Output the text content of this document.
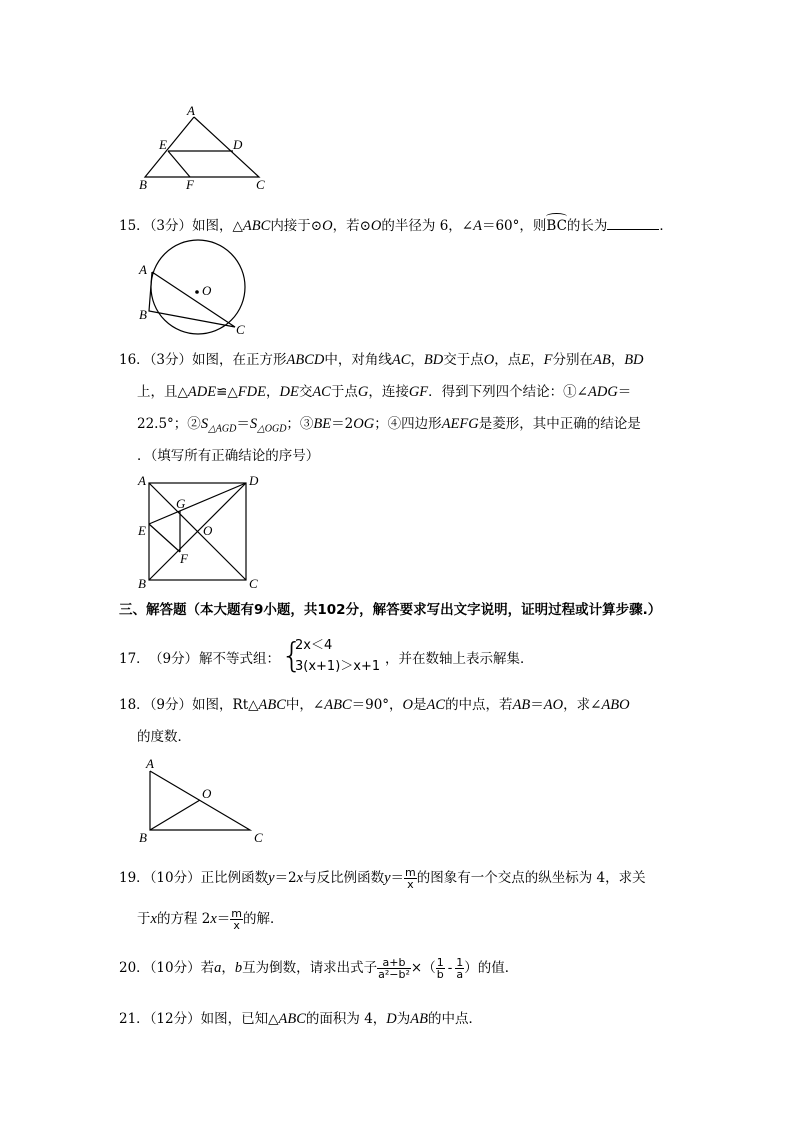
A
E	D
B	F	C
15．（3分）如图，△ABC内接于⊙O，若⊙O的半径为 6，∠A＝60°，则BC的长为	．
A
O
B
C
16．（3分）如图，在正方形ABCD中，对角线AC，BD交于点O，点E，F分别在AB，BD
上，且△ADE≌△FDE，DE交AC于点G，连接GF．得到下列四个结论：①∠ADG＝
22.5°；$②S_{\triangle AGD}=S_{\triangle OGD}$；③BE＝2OG；④四边形AEFG是菱形，其中正确的结论是
．（填写所有正确结论的序号）
A	D
G
E	O
F
B	C
三、解答题（本大题有9小题，共102分，解答要求写出文字说明，证明过程或计算步骤.）
17． （9分） 解不等式组： {
2x＜4
3(x+1)＞x+1 ，并在数轴上表示解集．
18．（9分）如图，Rt△ABC中，∠ABC＝90°，O是AC的中点，若AB＝AO，求∠ABO
的度数．
A
O
B	C
19．（10分）正比例函数y＝2x与反比例函数$y= \frac{m}{x}$ 的图象有一个交点的纵坐标为 4，求关
于x的方程 $2x= \frac{m}{x}$ 的解．
20．（10分）若a，b互为倒数，请求出式子 $\frac{a+b}{\text{a²−b²}}$ ×（ $\frac{1}{b} - \frac{1}{a}$ ）的值．
21．（12分）如图，已知△ABC的面积为 4，D为AB的中点．
